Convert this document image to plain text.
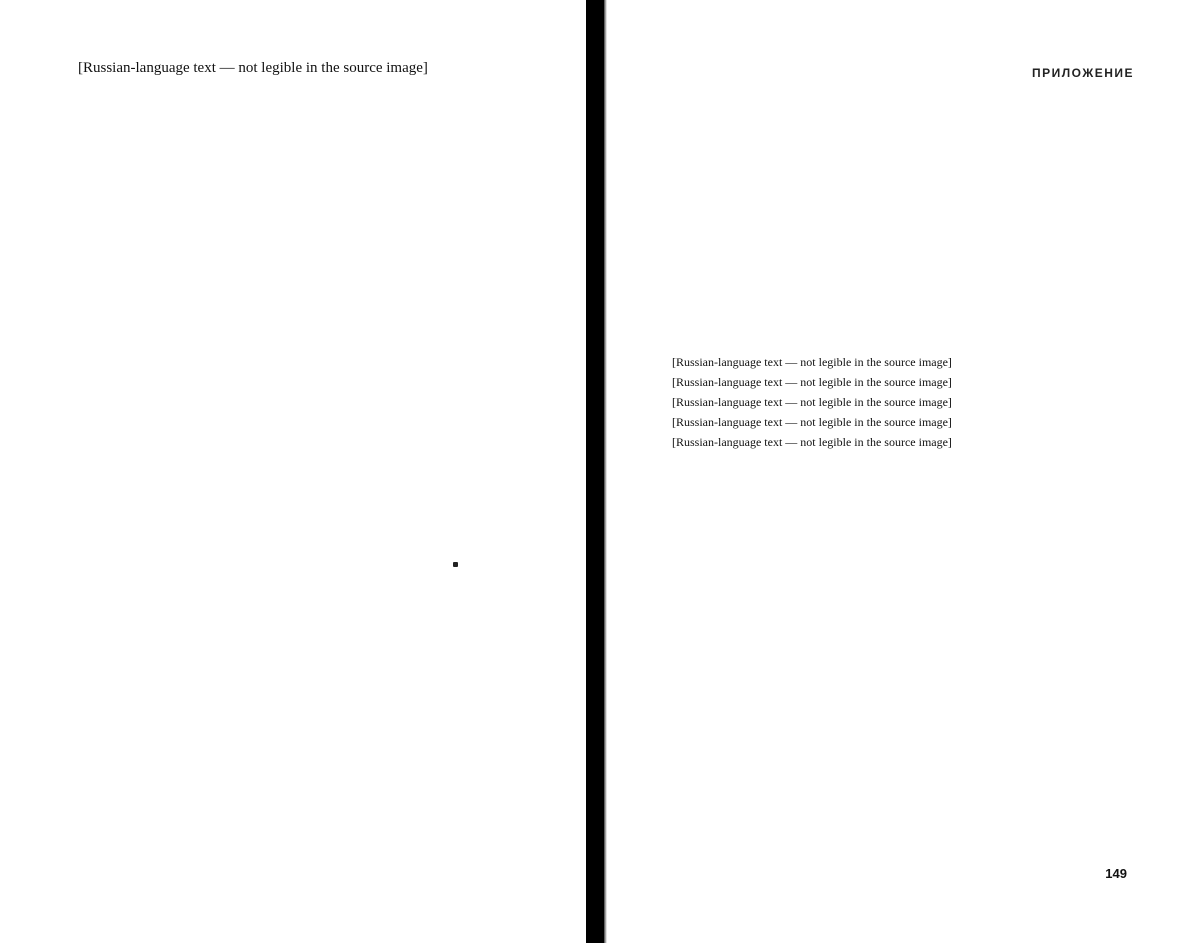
[Russian-language text — not legible in the source image]	ПРИЛОЖЕНИЕ

[Russian-language text — not legible in the source image]

[Russian-language text — not legible in the source image]

[Russian-language text — not legible in the source image]

[Russian-language text — not legible in the source image]

[Russian-language text — not legible in the source image]

149
